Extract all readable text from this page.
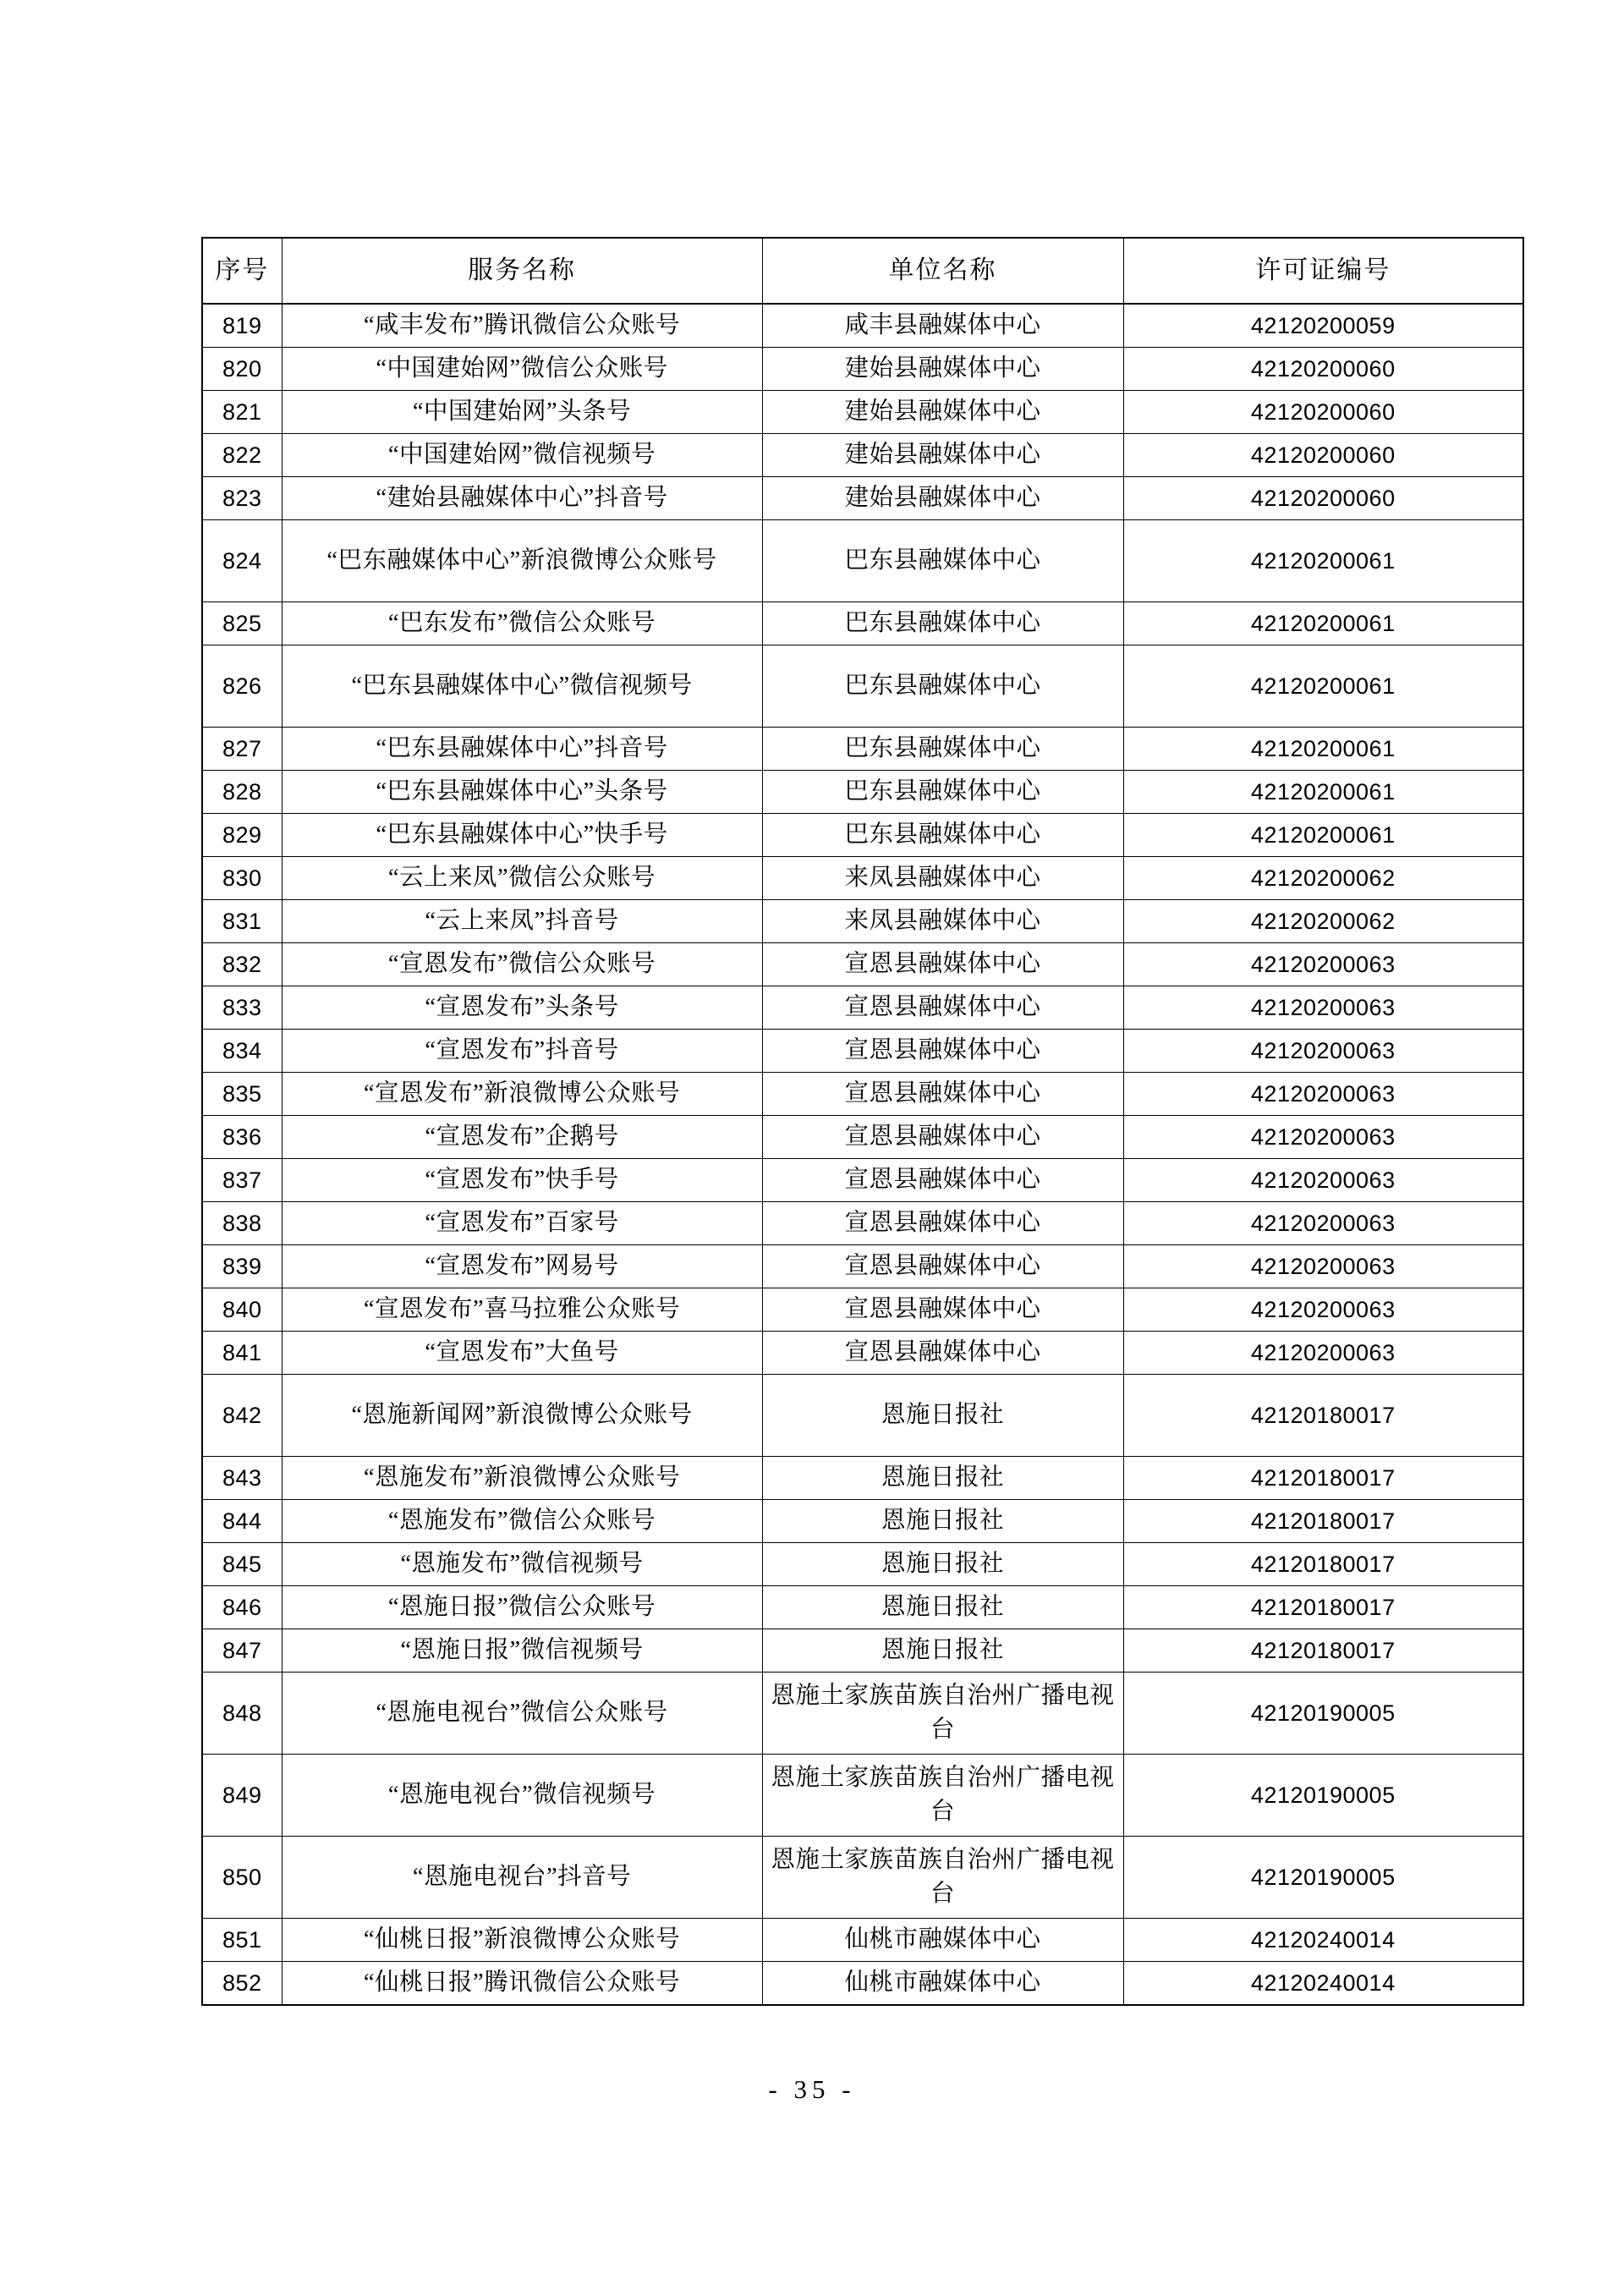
序号	服务名称	单位名称	许可证编号
819	“咸丰发布”腾讯微信公众账号	咸丰县融媒体中心	42120200059
820	“中国建始网”微信公众账号	建始县融媒体中心	42120200060
821	“中国建始网”头条号	建始县融媒体中心	42120200060
822	“中国建始网”微信视频号	建始县融媒体中心	42120200060
823	“建始县融媒体中心”抖音号	建始县融媒体中心	42120200060
824	“巴东融媒体中心”新浪微博公众账号	巴东县融媒体中心	42120200061
825	“巴东发布”微信公众账号	巴东县融媒体中心	42120200061
826	“巴东县融媒体中心”微信视频号	巴东县融媒体中心	42120200061
827	“巴东县融媒体中心”抖音号	巴东县融媒体中心	42120200061
828	“巴东县融媒体中心”头条号	巴东县融媒体中心	42120200061
829	“巴东县融媒体中心”快手号	巴东县融媒体中心	42120200061
830	“云上来凤”微信公众账号	来凤县融媒体中心	42120200062
831	“云上来凤”抖音号	来凤县融媒体中心	42120200062
832	“宣恩发布”微信公众账号	宣恩县融媒体中心	42120200063
833	“宣恩发布”头条号	宣恩县融媒体中心	42120200063
834	“宣恩发布”抖音号	宣恩县融媒体中心	42120200063
835	“宣恩发布”新浪微博公众账号	宣恩县融媒体中心	42120200063
836	“宣恩发布”企鹅号	宣恩县融媒体中心	42120200063
837	“宣恩发布”快手号	宣恩县融媒体中心	42120200063
838	“宣恩发布”百家号	宣恩县融媒体中心	42120200063
839	“宣恩发布”网易号	宣恩县融媒体中心	42120200063
840	“宣恩发布”喜马拉雅公众账号	宣恩县融媒体中心	42120200063
841	“宣恩发布”大鱼号	宣恩县融媒体中心	42120200063
842	“恩施新闻网”新浪微博公众账号	恩施日报社	42120180017
843	“恩施发布”新浪微博公众账号	恩施日报社	42120180017
844	“恩施发布”微信公众账号	恩施日报社	42120180017
845	“恩施发布”微信视频号	恩施日报社	42120180017
846	“恩施日报”微信公众账号	恩施日报社	42120180017
847	“恩施日报”微信视频号	恩施日报社	42120180017
848	“恩施电视台”微信公众账号	恩施土家族苗族自治州广播电视台	42120190005
849	“恩施电视台”微信视频号	恩施土家族苗族自治州广播电视台	42120190005
850	“恩施电视台”抖音号	恩施土家族苗族自治州广播电视台	42120190005
851	“仙桃日报”新浪微博公众账号	仙桃市融媒体中心	42120240014
852	“仙桃日报”腾讯微信公众账号	仙桃市融媒体中心	42120240014
- 35 -
